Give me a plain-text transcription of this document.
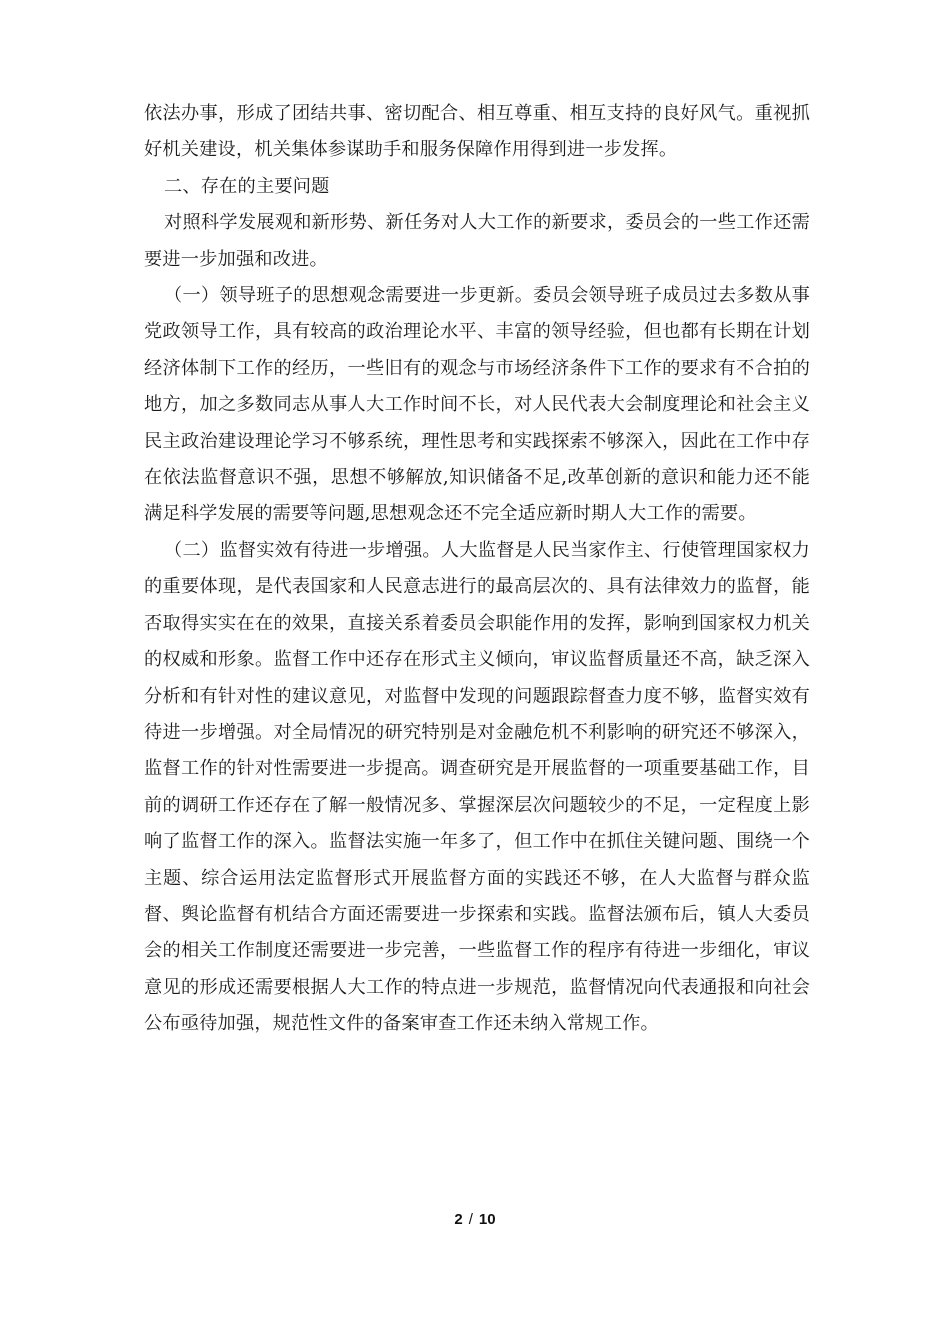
依法办事，形成了团结共事、密切配合、相互尊重、相互支持的良好风气。重视抓好机关建设，机关集体参谋助手和服务保障作用得到进一步发挥。

二、存在的主要问题

对照科学发展观和新形势、新任务对人大工作的新要求，委员会的一些工作还需要进一步加强和改进。

（一）领导班子的思想观念需要进一步更新。委员会领导班子成员过去多数从事党政领导工作，具有较高的政治理论水平、丰富的领导经验，但也都有长期在计划经济体制下工作的经历，一些旧有的观念与市场经济条件下工作的要求有不合拍的地方，加之多数同志从事人大工作时间不长，对人民代表大会制度理论和社会主义民主政治建设理论学习不够系统，理性思考和实践探索不够深入，因此在工作中存在依法监督意识不强，思想不够解放,知识储备不足,改革创新的意识和能力还不能满足科学发展的需要等问题,思想观念还不完全适应新时期人大工作的需要。

（二）监督实效有待进一步增强。人大监督是人民当家作主、行使管理国家权力的重要体现，是代表国家和人民意志进行的最高层次的、具有法律效力的监督，能否取得实实在在的效果，直接关系着委员会职能作用的发挥，影响到国家权力机关的权威和形象。监督工作中还存在形式主义倾向，审议监督质量还不高，缺乏深入分析和有针对性的建议意见，对监督中发现的问题跟踪督查力度不够，监督实效有待进一步增强。对全局情况的研究特别是对金融危机不利影响的研究还不够深入，监督工作的针对性需要进一步提高。调查研究是开展监督的一项重要基础工作，目前的调研工作还存在了解一般情况多、掌握深层次问题较少的不足，一定程度上影响了监督工作的深入。监督法实施一年多了，但工作中在抓住关键问题、围绕一个主题、综合运用法定监督形式开展监督方面的实践还不够，在人大监督与群众监督、舆论监督有机结合方面还需要进一步探索和实践。监督法颁布后，镇人大委员会的相关工作制度还需要进一步完善，一些监督工作的程序有待进一步细化，审议意见的形成还需要根据人大工作的特点进一步规范，监督情况向代表通报和向社会公布亟待加强，规范性文件的备案审查工作还未纳入常规工作。

2 / 10
